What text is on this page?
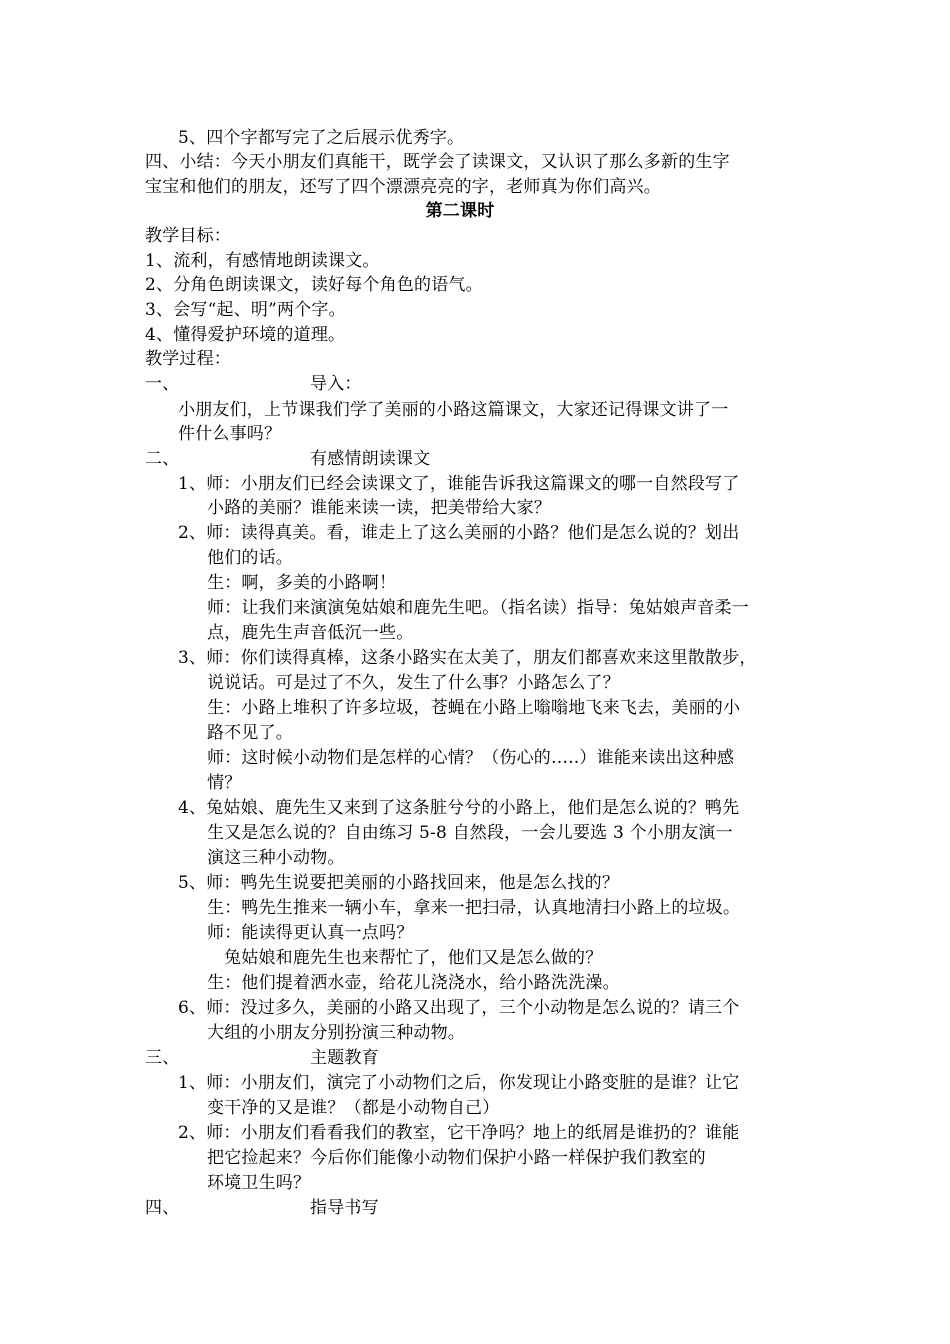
5、四个字都写完了之后展示优秀字。
四、小结：今天小朋友们真能干，既学会了读课文，又认识了那么多新的生字
宝宝和他们的朋友，还写了四个漂漂亮亮的字，老师真为你们高兴。
第二课时
教学目标：
1、流利，有感情地朗读课文。
2、分角色朗读课文，读好每个角色的语气。
3、会写“起、明”两个字。
4、懂得爱护环境的道理。
教学过程：
一、	导入：
小朋友们，上节课我们学了美丽的小路这篇课文，大家还记得课文讲了一
件什么事吗？
二、	有感情朗读课文
1、师：小朋友们已经会读课文了，谁能告诉我这篇课文的哪一自然段写了
小路的美丽？谁能来读一读，把美带给大家？
2、师：读得真美。看，谁走上了这么美丽的小路？他们是怎么说的？划出
他们的话。
生：啊，多美的小路啊！
师：让我们来演演兔姑娘和鹿先生吧。（指名读）指导：兔姑娘声音柔一
点，鹿先生声音低沉一些。
3、师：你们读得真棒，这条小路实在太美了，朋友们都喜欢来这里散散步，
说说话。可是过了不久，发生了什么事？小路怎么了？
生：小路上堆积了许多垃圾，苍蝇在小路上嗡嗡地飞来飞去，美丽的小
路不见了。
师：这时候小动物们是怎样的心情？（伤心的…..）谁能来读出这种感
情？
4、兔姑娘、鹿先生又来到了这条脏兮兮的小路上，他们是怎么说的？鸭先
生又是怎么说的？自由练习 5-8 自然段，一会儿要选 3 个小朋友演一
演这三种小动物。
5、师：鸭先生说要把美丽的小路找回来，他是怎么找的？
生：鸭先生推来一辆小车，拿来一把扫帚，认真地清扫小路上的垃圾。
师：能读得更认真一点吗？
兔姑娘和鹿先生也来帮忙了，他们又是怎么做的？
生：他们提着洒水壶，给花儿浇浇水，给小路洗洗澡。
6、师：没过多久，美丽的小路又出现了，三个小动物是怎么说的？请三个
大组的小朋友分别扮演三种动物。
三、	主题教育
1、师：小朋友们，演完了小动物们之后，你发现让小路变脏的是谁？让它
变干净的又是谁？（都是小动物自己）
2、师：小朋友们看看我们的教室，它干净吗？地上的纸屑是谁扔的？谁能
把它捡起来？今后你们能像小动物们保护小路一样保护我们教室的
环境卫生吗？
四、	指导书写
